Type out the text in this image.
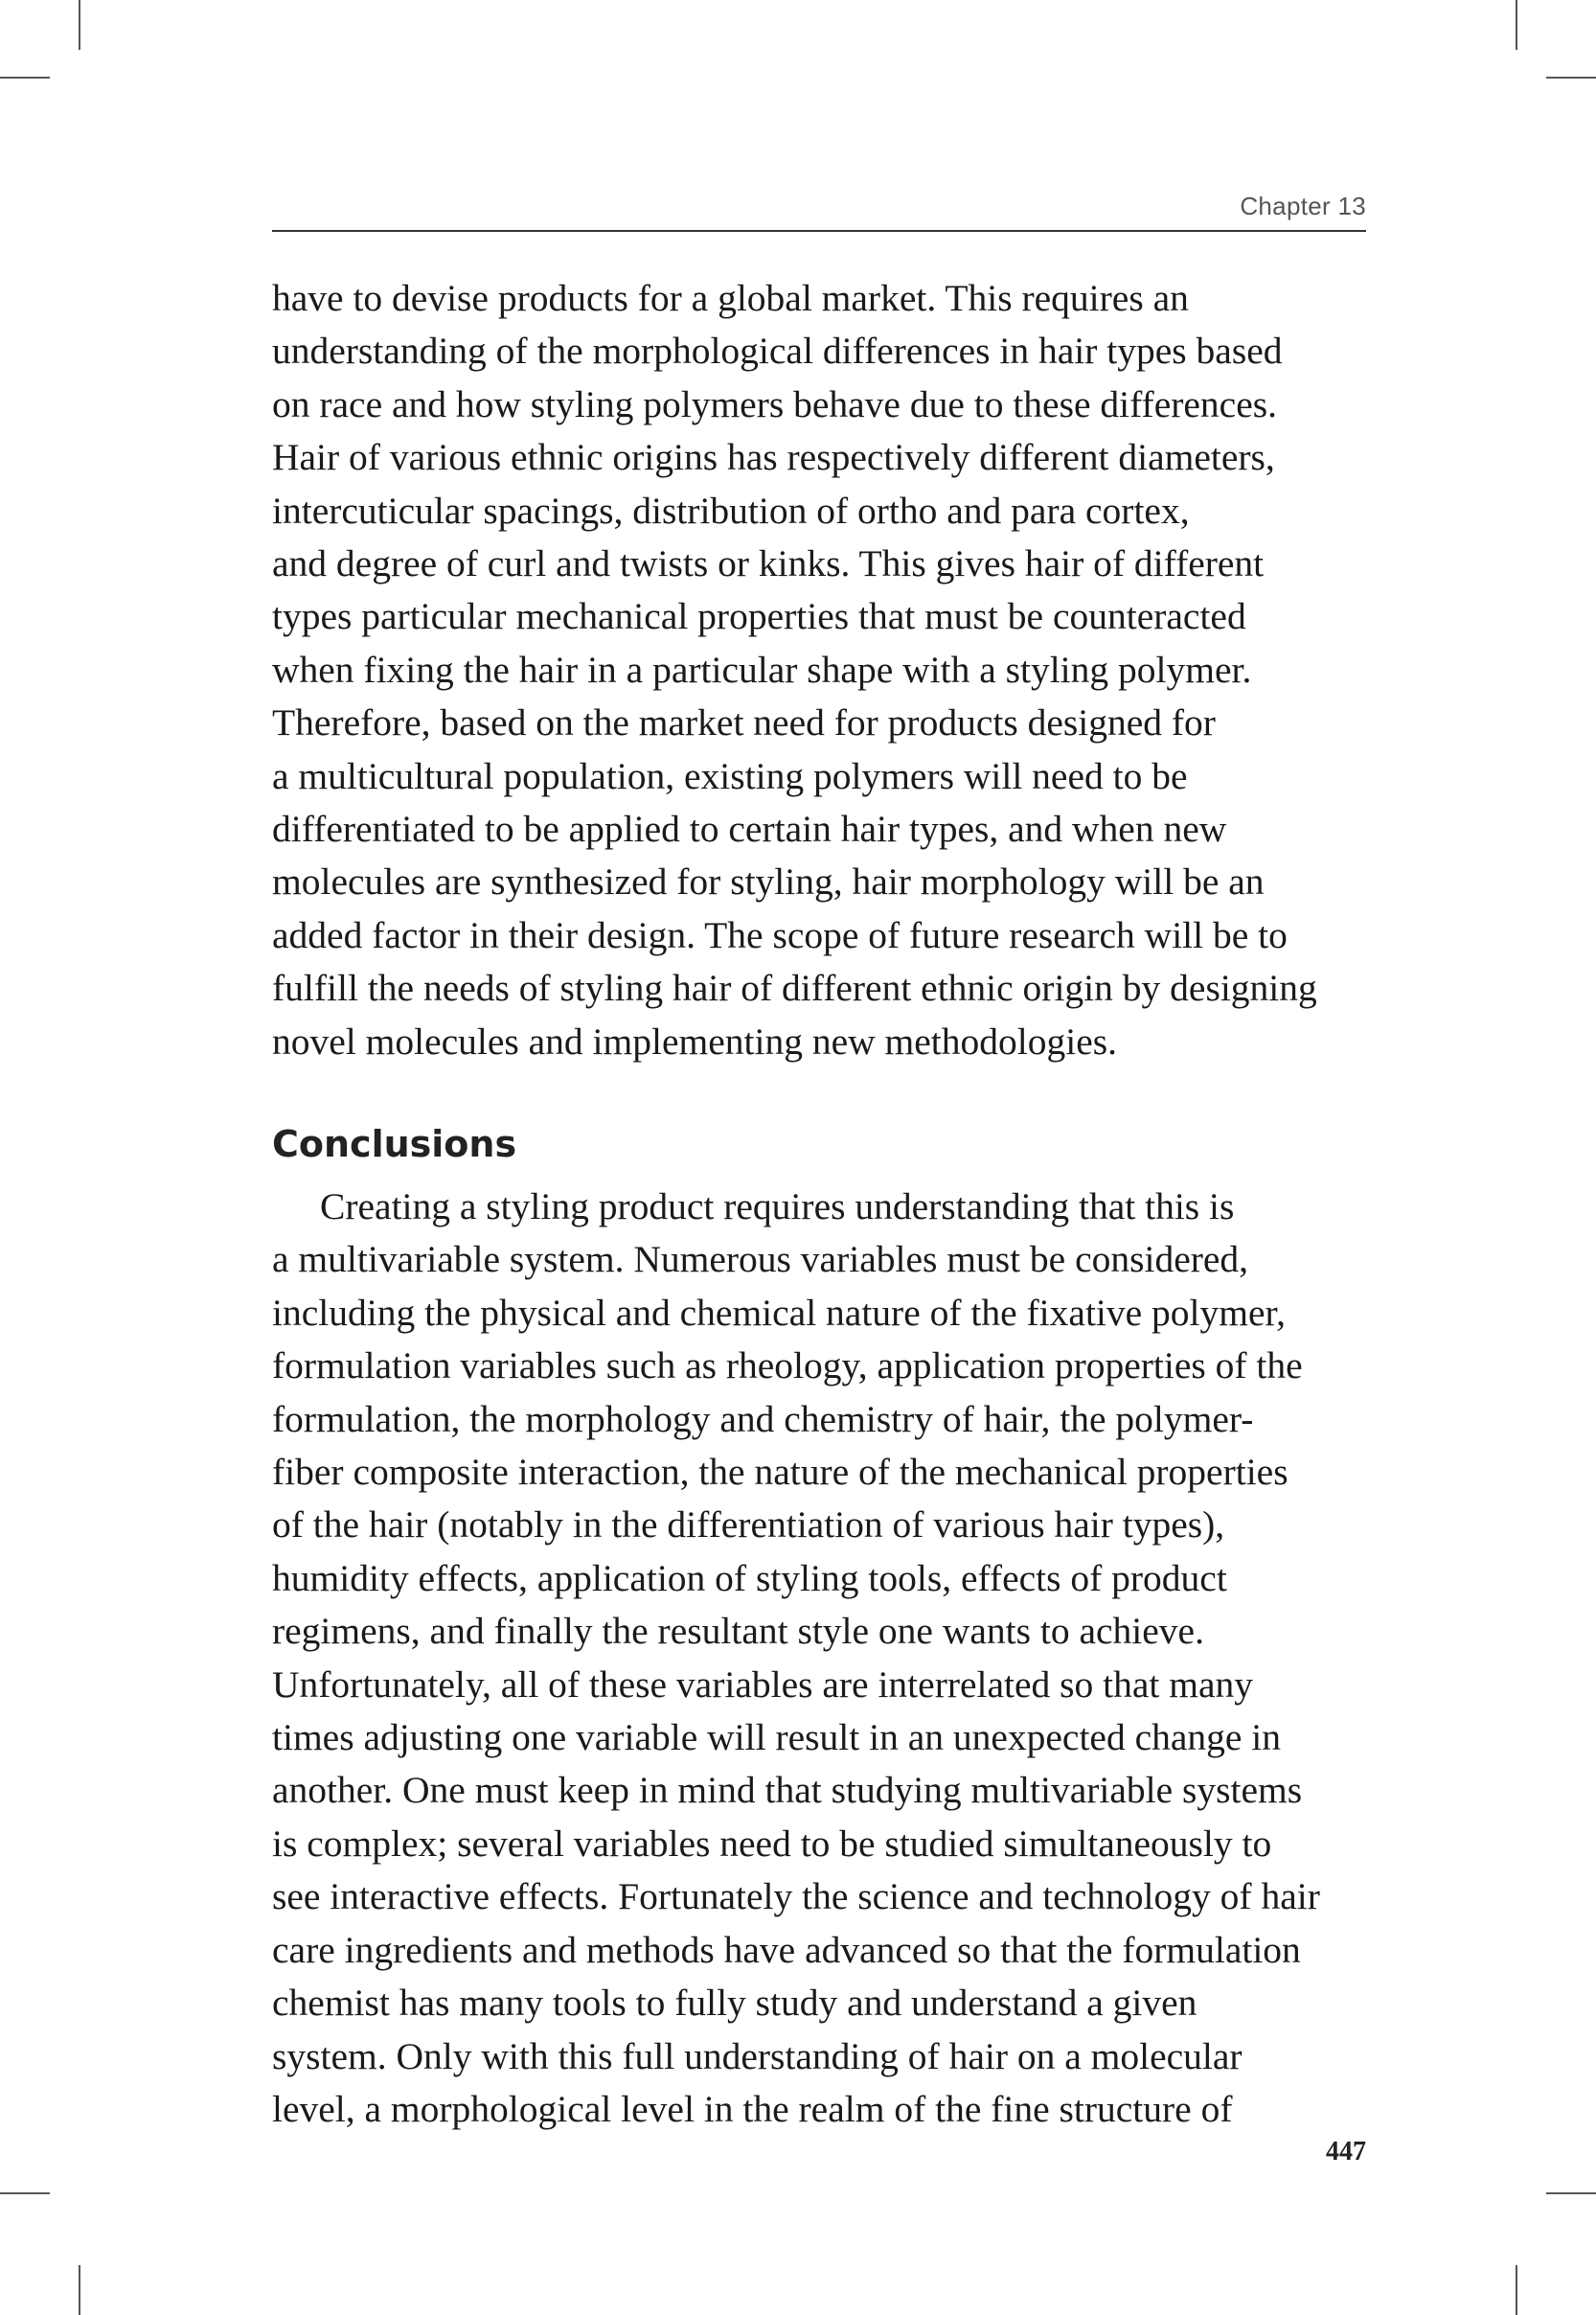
Chapter 13
have to devise products for a global market. This requires an
understanding of the morphological differences in hair types based
on race and how styling polymers behave due to these differences.
Hair of various ethnic origins has respectively different diameters,
intercuticular spacings, distribution of ortho and para cortex,
and degree of curl and twists or kinks. This gives hair of different
types particular mechanical properties that must be counteracted
when fixing the hair in a particular shape with a styling polymer.
Therefore, based on the market need for products designed for
a multicultural population, existing polymers will need to be
differentiated to be applied to certain hair types, and when new
molecules are synthesized for styling, hair morphology will be an
added factor in their design. The scope of future research will be to
fulfill the needs of styling hair of different ethnic origin by designing
novel molecules and implementing new methodologies.
Conclusions
Creating a styling product requires understanding that this is
a multivariable system. Numerous variables must be considered,
including the physical and chemical nature of the fixative polymer,
formulation variables such as rheology, application properties of the
formulation, the morphology and chemistry of hair, the polymer-
fiber composite interaction, the nature of the mechanical properties
of the hair (notably in the differentiation of various hair types),
humidity effects, application of styling tools, effects of product
regimens, and finally the resultant style one wants to achieve.
Unfortunately, all of these variables are interrelated so that many
times adjusting one variable will result in an unexpected change in
another. One must keep in mind that studying multivariable systems
is complex; several variables need to be studied simultaneously to
see interactive effects. Fortunately the science and technology of hair
care ingredients and methods have advanced so that the formulation
chemist has many tools to fully study and understand a given
system. Only with this full understanding of hair on a molecular
level, a morphological level in the realm of the fine structure of
447
